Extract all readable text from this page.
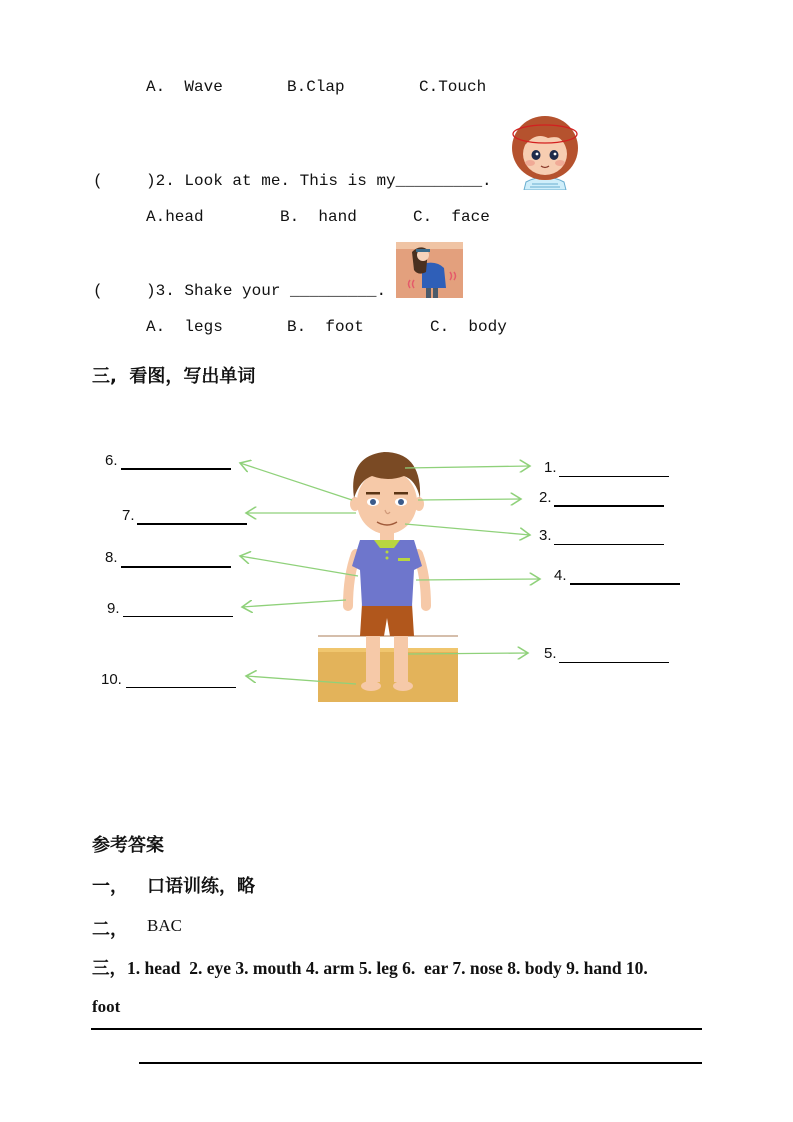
A.  Wave	B.Clap	C.Touch
(	)2. Look at me. This is my_________.
A.head	B.  hand	C.  face
(	)3. Shake your _________.
A.  legs	B.  foot	C.  body
三,  看图，写出单词
6.
7.
8.
9.
10.
1.
2.
3.
4.
5.
参考答案
一， 口语训练，略
二， BAC
三，1. head  2. eye 3. mouth 4. arm 5. leg 6.  ear 7. nose 8. body 9. hand 10.
foot
